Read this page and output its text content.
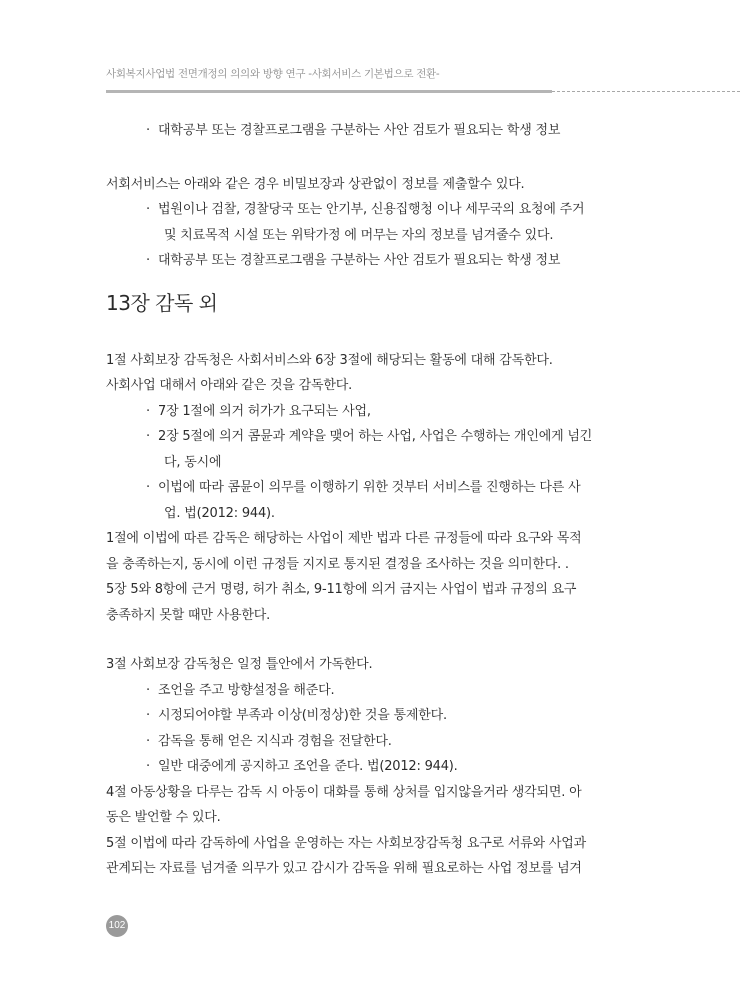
사회복지사업법 전면개정의 의의와 방향 연구 -사회서비스 기본법으로 전환-
· 대학공부 또는 경찰프로그램을 구분하는 사안 검토가 필요되는 학생 정보
서회서비스는 아래와 같은 경우 비밀보장과 상관없이 정보를 제출할수 있다.
· 법원이나 검찰, 경찰당국 또는 안기부, 신용집행청 이나 세무국의 요청에 주거
및 치료목적 시설 또는 위탁가정 에 머무는 자의 정보를 넘겨줄수 있다.
· 대학공부 또는 경찰프로그램을 구분하는 사안 검토가 필요되는 학생 정보
13장 감독 외
1절 사회보장 감독청은 사회서비스와 6장 3절에 해당되는 활동에 대해 감독한다.
사회사업 대해서 아래와 같은 것을 감독한다.
· 7장 1절에 의거 허가가 요구되는 사업,
· 2장 5절에 의거 콤뮨과 계약을 맺어 하는 사업, 사업은 수행하는 개인에게 넘긴
다, 동시에
· 이법에 따라 콤뮨이 의무를 이행하기 위한 것부터 서비스를 진행하는 다른 사
업. 법(2012: 944).
1절에 이법에 따른 감독은 해당하는 사업이 제반 법과 다른 규정들에 따라 요구와 목적
을 충족하는지, 동시에 이런 규정들 지지로 통지된 결정을 조사하는 것을 의미한다. .
5장 5와 8항에 근거 명령, 허가 취소, 9-11항에 의거 금지는 사업이 법과 규정의 요구
충족하지 못할 때만 사용한다.
3절 사회보장 감독청은 일정 틀안에서 가독한다.
· 조언을 주고 방향설정을 해준다.
· 시정되어야할 부족과 이상(비정상)한 것을 통제한다.
· 감독을 통해 얻은 지식과 경험을 전달한다.
· 일반 대중에게 공지하고 조언을 준다. 법(2012: 944).
4절 아동상황을 다루는 감독 시 아동이 대화를 통해 상처를 입지않을거라 생각되면. 아
동은 발언할 수 있다.
5절 이법에 따라 감독하에 사업을 운영하는 자는 사회보장감독청 요구로 서류와 사업과
관계되는 자료를 넘겨줄 의무가 있고 감시가 감독을 위해 필요로하는 사업 정보를 넘겨
102
